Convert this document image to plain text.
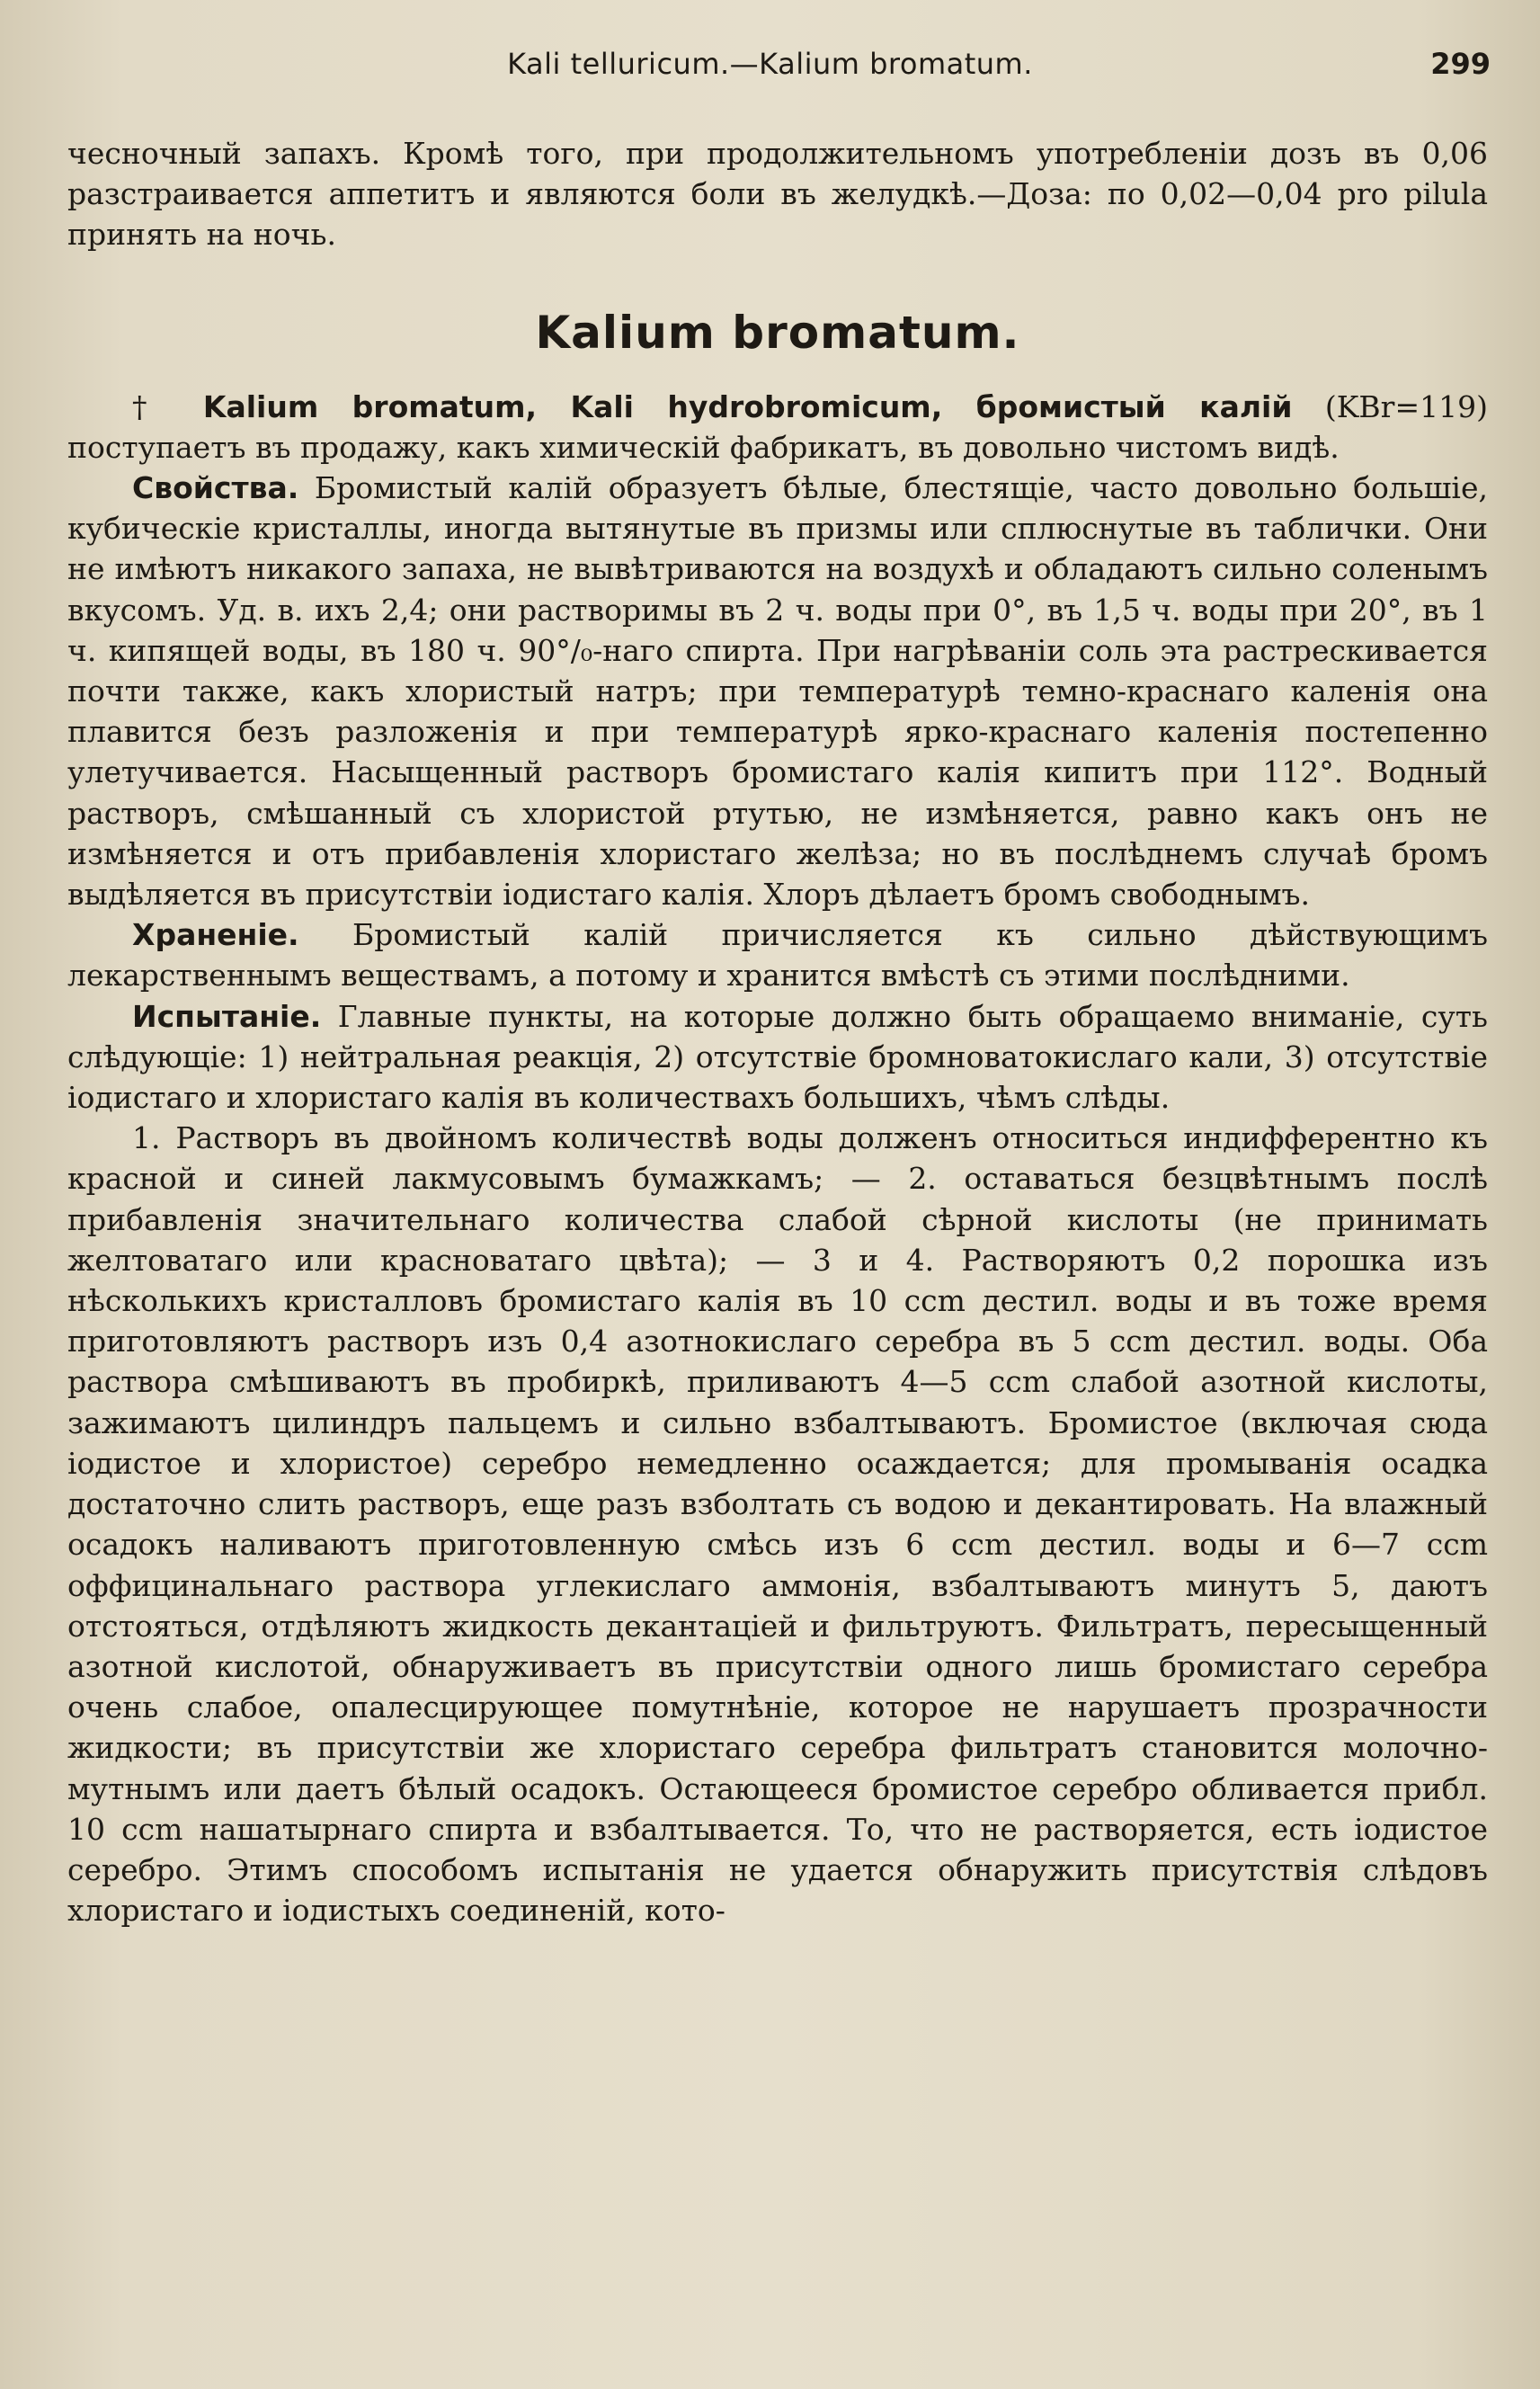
Kali telluricum.—Kalium bromatum.	299

чесночный запахъ. Кромѣ того, при продолжительномъ употребленіи дозъ въ 0,06 разстраивается аппетитъ и являются боли въ желудкѣ.—Доза: по 0,02—0,04 pro pilula принять на ночь.

Kalium bromatum.

† Kalium bromatum, Kali hydrobromicum, бромистый калій (KBr=119) поступаетъ въ продажу, какъ химическій фабрикатъ, въ довольно чистомъ видѣ.

Свойства. Бромистый калій образуетъ бѣлые, блестящіе, часто довольно большіе, кубическіе кристаллы, иногда вытянутые въ призмы или сплюснутые въ таблички. Они не имѣютъ никакого запаха, не вывѣтриваются на воздухѣ и обладаютъ сильно соленымъ вкусомъ. Уд. в. ихъ 2,4; они растворимы въ 2 ч. воды при 0°, въ 1,5 ч. воды при 20°, въ 1 ч. кипящей воды, въ 180 ч. 90°/₀-наго спирта. При нагрѣваніи соль эта растрескивается почти также, какъ хлористый натръ; при температурѣ темно-краснаго каленія она плавится безъ разложенія и при температурѣ ярко-краснаго каленія постепенно улетучивается. Насыщенный растворъ бромистаго калія кипитъ при 112°. Водный растворъ, смѣшанный съ хлористой ртутью, не измѣняется, равно какъ онъ не измѣняется и отъ прибавленія хлористаго желѣза; но въ послѣднемъ случаѣ бромъ выдѣляется въ присутствіи іодистаго калія. Хлоръ дѣлаетъ бромъ свободнымъ.

Храненіе. Бромистый калій причисляется къ сильно дѣйствующимъ лекарственнымъ веществамъ, а потому и хранится вмѣстѣ съ этими послѣдними.

Испытаніе. Главные пункты, на которые должно быть обращаемо вниманіе, суть слѣдующіе: 1) нейтральная реакція, 2) отсутствіе бромноватокислаго кали, 3) отсутствіе іодистаго и хлористаго калія въ количествахъ большихъ, чѣмъ слѣды.

1. Растворъ въ двойномъ количествѣ воды долженъ относиться индифферентно къ красной и синей лакмусовымъ бумажкамъ; — 2. оставаться безцвѣтнымъ послѣ прибавленія значительнаго количества слабой сѣрной кислоты (не принимать желтоватаго или красноватаго цвѣта); — 3 и 4. Растворяютъ 0,2 порошка изъ нѣсколькихъ кристалловъ бромистаго калія въ 10 ccm дестил. воды и въ тоже время приготовляютъ растворъ изъ 0,4 азотнокислаго серебра въ 5 ccm дестил. воды. Оба раствора смѣшиваютъ въ пробиркѣ, приливаютъ 4—5 ccm слабой азотной кислоты, зажимаютъ цилиндръ пальцемъ и сильно взбалтываютъ. Бромистое (включая сюда іодистое и хлористое) серебро немедленно осаждается; для промыванія осадка достаточно слить растворъ, еще разъ взболтать съ водою и декантировать. На влажный осадокъ наливаютъ приготовленную смѣсь изъ 6 ccm дестил. воды и 6—7 ccm оффицинальнаго раствора углекислаго аммонія, взбалтываютъ минутъ 5, даютъ отстояться, отдѣляютъ жидкость декантаціей и фильтруютъ. Фильтратъ, пересыщенный азотной кислотой, обнаруживаетъ въ присутствіи одного лишь бромистаго серебра очень слабое, опалесцирующее помутнѣніе, которое не нарушаетъ прозрачности жидкости; въ присутствіи же хлористаго серебра фильтратъ становится молочно-мутнымъ или даетъ бѣлый осадокъ. Остающееся бромистое серебро обливается прибл. 10 ccm нашатырнаго спирта и взбалтывается. То, что не растворяется, есть іодистое серебро. Этимъ способомъ испытанія не удается обнаружить присутствія слѣдовъ хлористаго и іодистыхъ соединеній, кото-
